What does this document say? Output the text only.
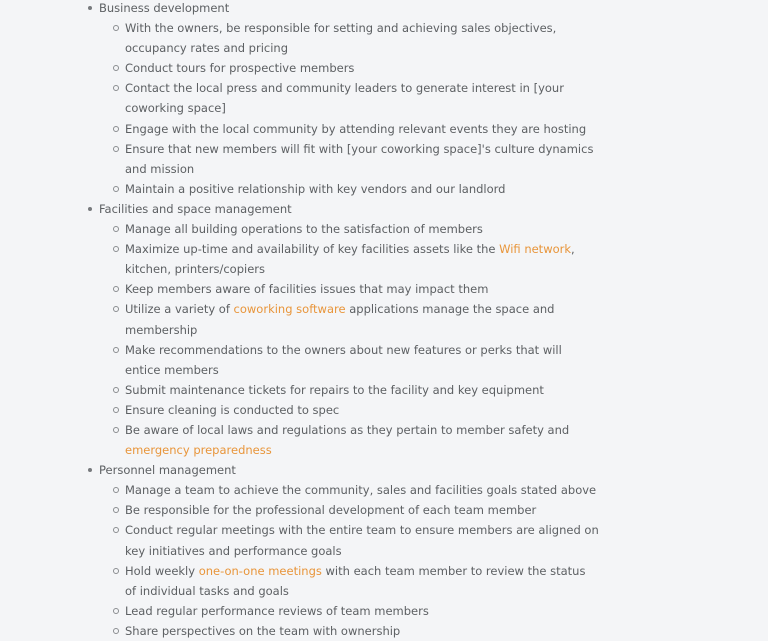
Business development
With the owners, be responsible for setting and achieving sales objectives, occupancy rates and pricing
Conduct tours for prospective members
Contact the local press and community leaders to generate interest in [your coworking space]
Engage with the local community by attending relevant events they are hosting
Ensure that new members will fit with [your coworking space]'s culture dynamics and mission
Maintain a positive relationship with key vendors and our landlord
Facilities and space management
Manage all building operations to the satisfaction of members
Maximize up-time and availability of key facilities assets like the Wifi network, kitchen, printers/copiers
Keep members aware of facilities issues that may impact them
Utilize a variety of coworking software applications manage the space and membership
Make recommendations to the owners about new features or perks that will entice members
Submit maintenance tickets for repairs to the facility and key equipment
Ensure cleaning is conducted to spec
Be aware of local laws and regulations as they pertain to member safety and emergency preparedness
Personnel management
Manage a team to achieve the community, sales and facilities goals stated above
Be responsible for the professional development of each team member
Conduct regular meetings with the entire team to ensure members are aligned on key initiatives and performance goals
Hold weekly one-on-one meetings with each team member to review the status of individual tasks and goals
Lead regular performance reviews of team members
Share perspectives on the team with ownership
